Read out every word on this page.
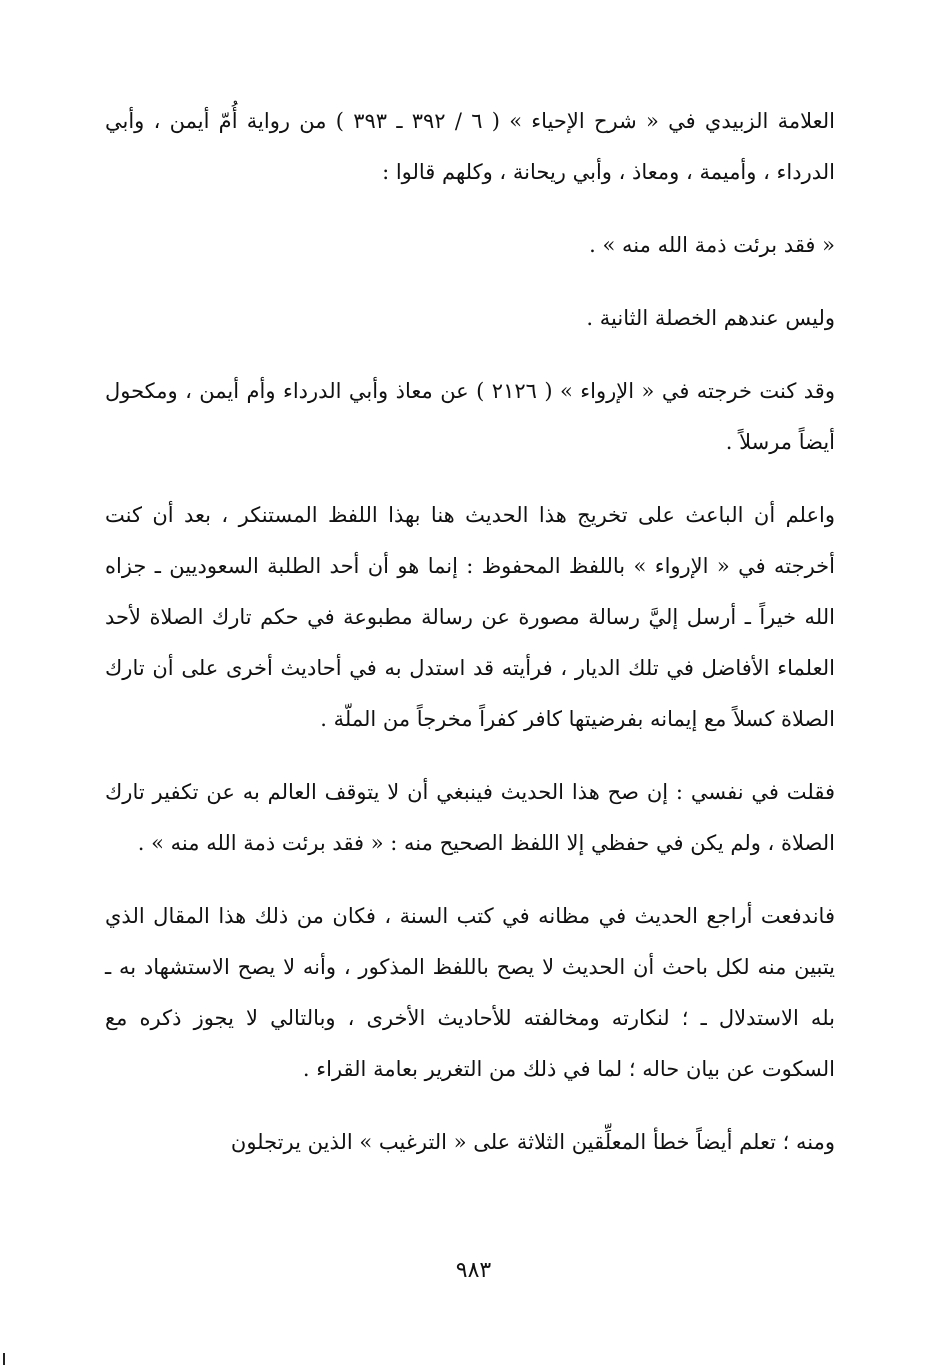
العلامة الزبيدي في « شرح الإحياء » ( ٦ / ٣٩٢ ـ ٣٩٣ ) من رواية أُمّ أيمن ، وأبي الدرداء ، وأميمة ، ومعاذ ، وأبي ريحانة ، وكلهم قالوا :

« فقد برئت ذمة الله منه » .

وليس عندهم الخصلة الثانية .

وقد كنت خرجته في « الإرواء » ( ٢١٢٦ ) عن معاذ وأبي الدرداء وأم أيمن ، ومكحول أيضاً مرسلاً .

واعلم أن الباعث على تخريج هذا الحديث هنا بهذا اللفظ المستنكر ، بعد أن كنت أخرجته في « الإرواء » باللفظ المحفوظ : إنما هو أن أحد الطلبة السعوديين ـ جزاه الله خيراً ـ أرسل إليَّ رسالة مصورة عن رسالة مطبوعة في حكم تارك الصلاة لأحد العلماء الأفاضل في تلك الديار ، فرأيته قد استدل به في أحاديث أخرى على أن تارك الصلاة كسلاً مع إيمانه بفرضيتها كافر كفراً مخرجاً من الملّة .

فقلت في نفسي : إن صح هذا الحديث فينبغي أن لا يتوقف العالم به عن تكفير تارك الصلاة ، ولم يكن في حفظي إلا اللفظ الصحيح منه : « فقد برئت ذمة الله منه » .

فاندفعت أراجع الحديث في مظانه في كتب السنة ، فكان من ذلك هذا المقال الذي يتبين منه لكل باحث أن الحديث لا يصح باللفظ المذكور ، وأنه لا يصح الاستشهاد به ـ بله الاستدلال ـ ؛ لنكارته ومخالفته للأحاديث الأخرى ، وبالتالي لا يجوز ذكره مع السكوت عن بيان حاله ؛ لما في ذلك من التغرير بعامة القراء .

ومنه ؛ تعلم أيضاً خطأ المعلِّقين الثلاثة على « الترغيب » الذين يرتجلون

٩٨٣
